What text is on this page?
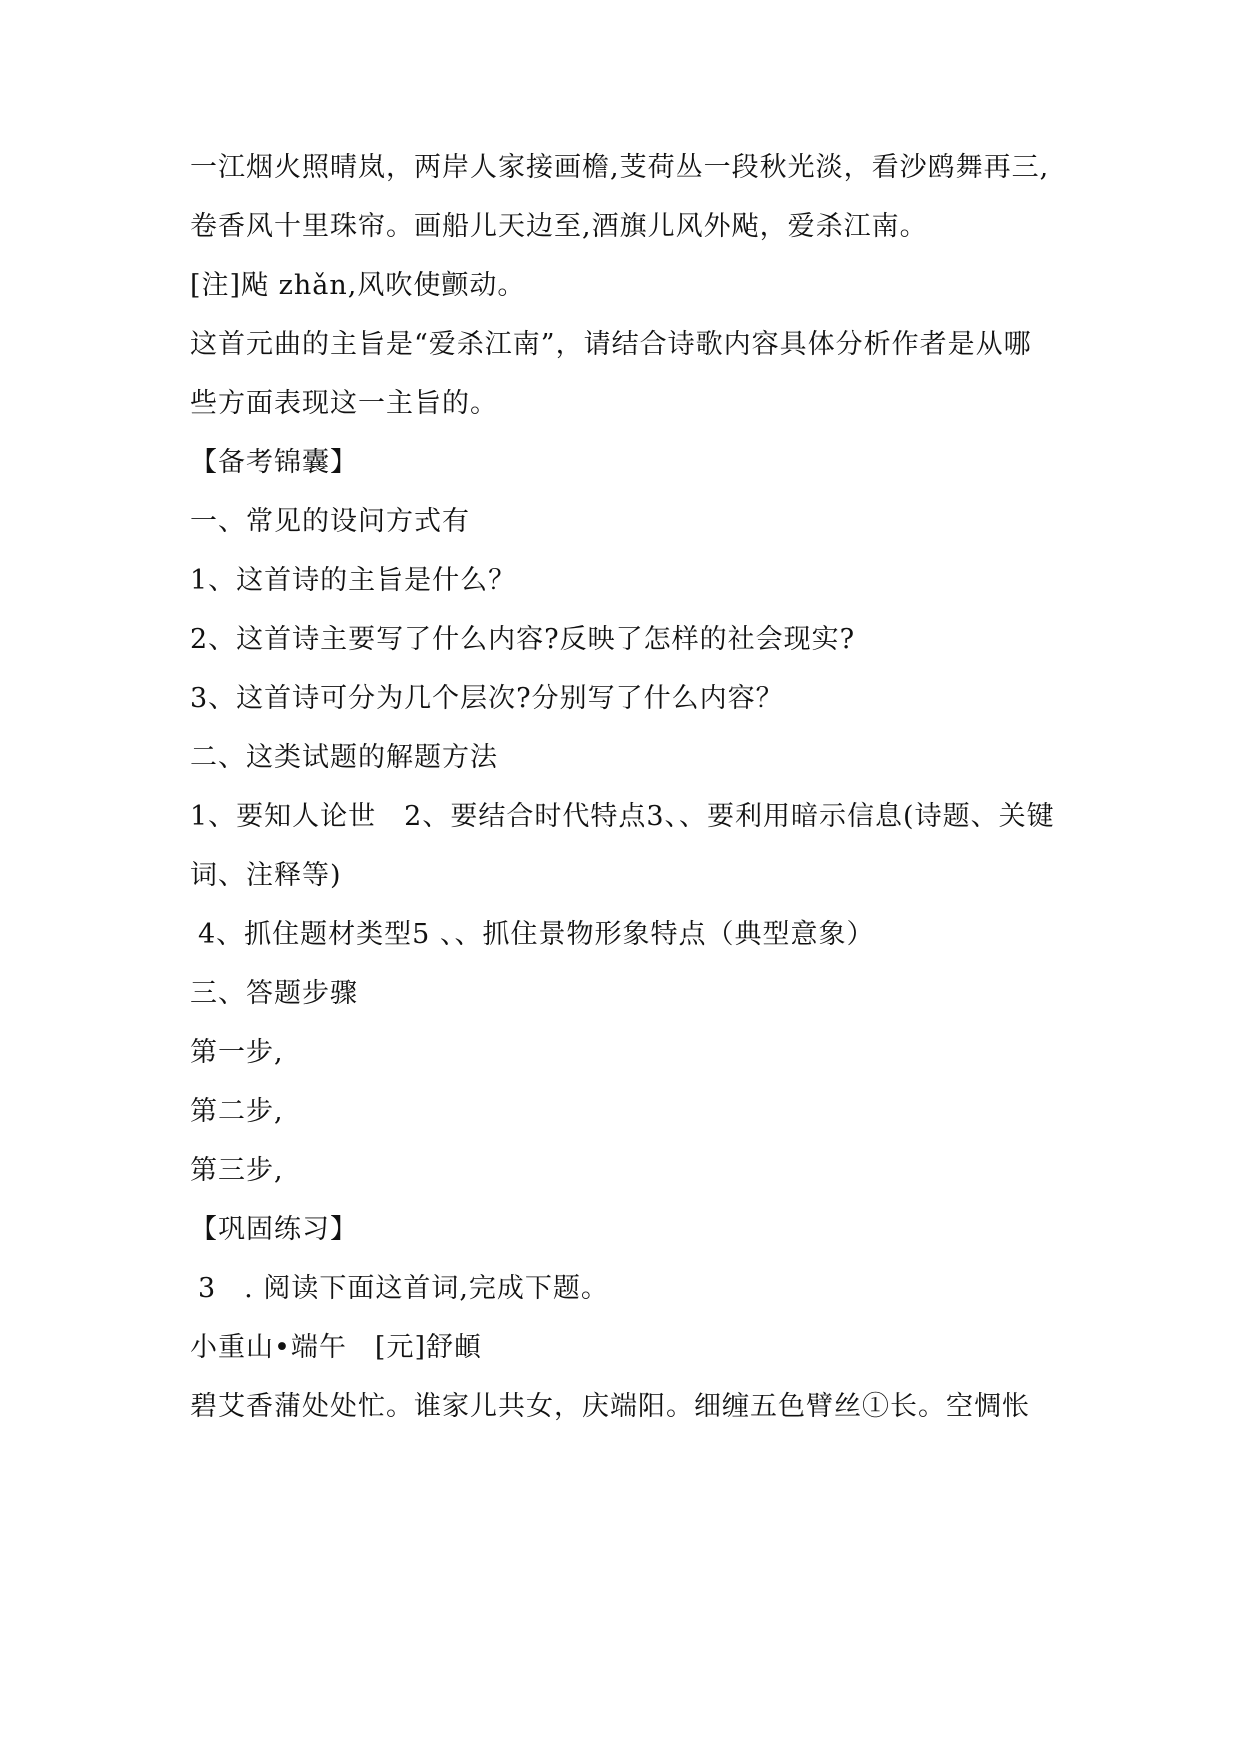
一江烟火照晴岚，两岸人家接画檐,芰荷丛一段秋光淡，看沙鸥舞再三,
卷香风十里珠帘。画船儿天边至,酒旗儿风外飐，爱杀江南。
[注]飐 zhǎn,风吹使颤动。
这首元曲的主旨是“爱杀江南”，请结合诗歌内容具体分析作者是从哪
些方面表现这一主旨的。
【备考锦囊】
一、常见的设问方式有
1、这首诗的主旨是什么？
2、这首诗主要写了什么内容?反映了怎样的社会现实?
3、这首诗可分为几个层次?分别写了什么内容？
二、这类试题的解题方法
1、要知人论世　2、要结合时代特点3、、要利用暗示信息(诗题、关键
词、注释等)
4、抓住题材类型5 、、抓住景物形象特点（典型意象）
三、答题步骤
第一步,
第二步,
第三步,
【巩固练习】
3　. 阅读下面这首词,完成下题。
小重山•端午　[元]舒頔
碧艾香蒲处处忙。谁家儿共女，庆端阳。细缠五色臂丝①长。空惆怅
